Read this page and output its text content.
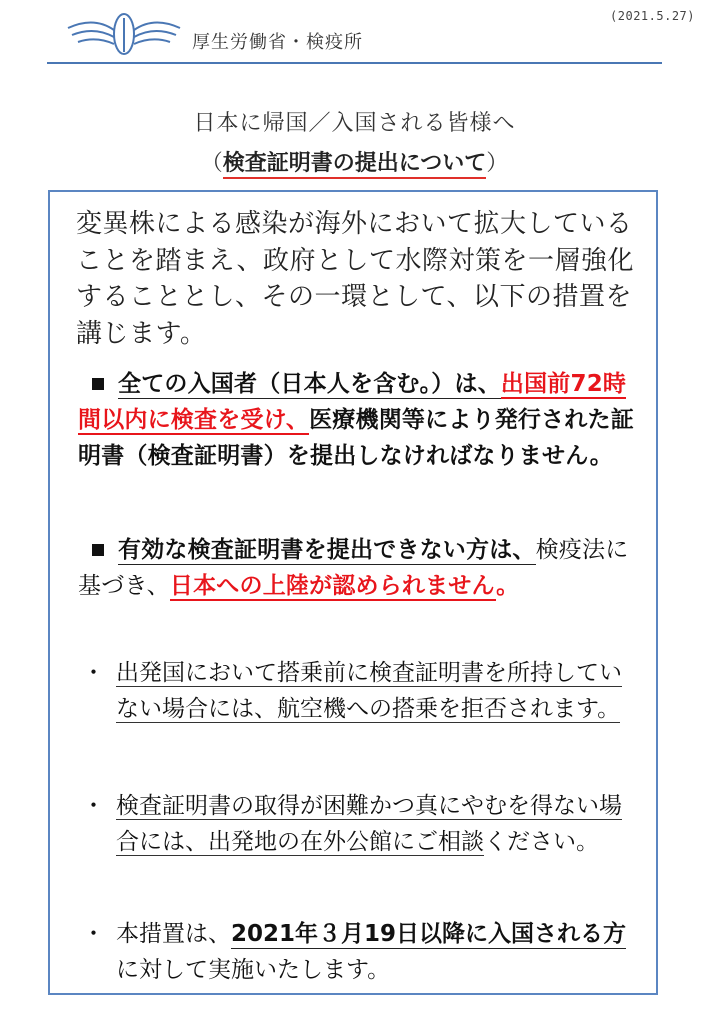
(2021.5.27)
厚生労働省・検疫所
日本に帰国／入国される皆様へ
（検査証明書の提出について）
変異株による感染が海外において拡大していることを踏まえ、政府として水際対策を一層強化することとし、その一環として、以下の措置を講じます。
全ての入国者（日本人を含む。）は、出国前72時間以内に検査を受け、医療機関等により発行された証明書（検査証明書）を提出しなければなりません。
有効な検査証明書を提出できない方は、検疫法に基づき、日本への上陸が認められません。
・ 出発国において搭乗前に検査証明書を所持していない場合には、航空機への搭乗を拒否されます。
・ 検査証明書の取得が困難かつ真にやむを得ない場合には、出発地の在外公館にご相談ください。
・ 本措置は、2021年３月19日以降に入国される方に対して実施いたします。
